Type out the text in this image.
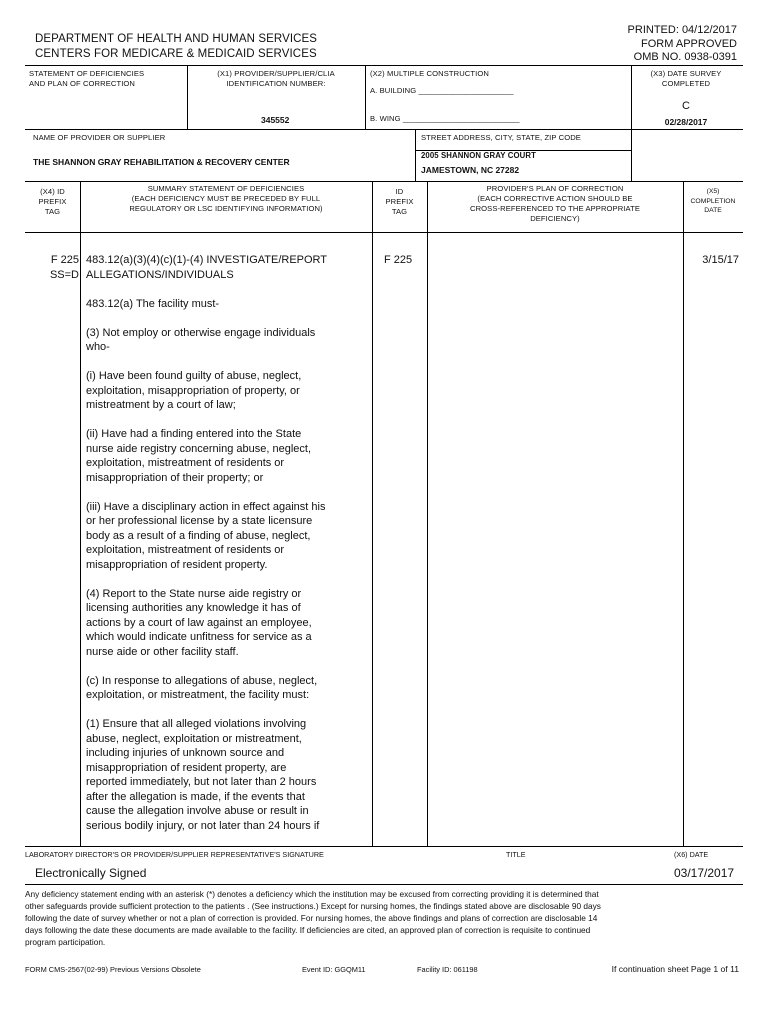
DEPARTMENT OF HEALTH AND HUMAN SERVICES
CENTERS FOR MEDICARE & MEDICAID SERVICES
PRINTED: 04/12/2017
FORM APPROVED
OMB NO. 0938-0391
STATEMENT OF DEFICIENCIES
AND PLAN OF CORRECTION
(X1) PROVIDER/SUPPLIER/CLIA
IDENTIFICATION NUMBER:
345552
(X2) MULTIPLE CONSTRUCTION
A. BUILDING ______________________
B. WING ___________________________
(X3) DATE SURVEY
COMPLETED
C
02/28/2017
NAME OF PROVIDER OR SUPPLIER
THE SHANNON GRAY REHABILITATION & RECOVERY CENTER
STREET ADDRESS, CITY, STATE, ZIP CODE
2005 SHANNON GRAY COURT
JAMESTOWN, NC 27282
(X4) ID
PREFIX
TAG
SUMMARY STATEMENT OF DEFICIENCIES
(EACH DEFICIENCY MUST BE PRECEDED BY FULL
REGULATORY OR LSC IDENTIFYING INFORMATION)
ID
PREFIX
TAG
PROVIDER'S PLAN OF CORRECTION
(EACH CORRECTIVE ACTION SHOULD BE
CROSS-REFERENCED TO THE APPROPRIATE
DEFICIENCY)
(X5)
COMPLETION
DATE
F 225
SS=D
483.12(a)(3)(4)(c)(1)-(4) INVESTIGATE/REPORT
ALLEGATIONS/INDIVIDUALS
483.12(a) The facility must-
(3) Not employ or otherwise engage individuals
who-
(i) Have been found guilty of abuse, neglect,
exploitation, misappropriation of property, or
mistreatment by a court of law;
(ii) Have had a finding entered into the State
nurse aide registry concerning abuse, neglect,
exploitation, mistreatment of residents or
misappropriation of their property; or
(iii) Have a disciplinary action in effect against his
or her professional license by a state licensure
body as a result of a finding of abuse, neglect,
exploitation, mistreatment of residents or
misappropriation of resident property.
(4) Report to the State nurse aide registry or
licensing authorities any knowledge it has of
actions by a court of law against an employee,
which would indicate unfitness for service as a
nurse aide or other facility staff.
(c) In response to allegations of abuse, neglect,
exploitation, or mistreatment, the facility must:
(1) Ensure that all alleged violations involving
abuse, neglect, exploitation or mistreatment,
including injuries of unknown source and
misappropriation of resident property, are
reported immediately, but not later than 2 hours
after the allegation is made, if the events that
cause the allegation involve abuse or result in
serious bodily injury, or not later than 24 hours if
F 225	3/15/17
LABORATORY DIRECTOR'S OR PROVIDER/SUPPLIER REPRESENTATIVE'S SIGNATURE	TITLE	(X6) DATE
Electronically Signed	03/17/2017
Any deficiency statement ending with an asterisk (*) denotes a deficiency which the institution may be excused from correcting providing it is determined that
other safeguards provide sufficient protection to the patients . (See instructions.) Except for nursing homes, the findings stated above are disclosable 90 days
following the date of survey whether or not a plan of correction is provided. For nursing homes, the above findings and plans of correction are disclosable 14
days following the date these documents are made available to the facility. If deficiencies are cited, an approved plan of correction is requisite to continued
program participation.
FORM CMS-2567(02-99) Previous Versions Obsolete	Event ID: GGQM11	Facility ID: 061198	If continuation sheet Page 1 of 11
